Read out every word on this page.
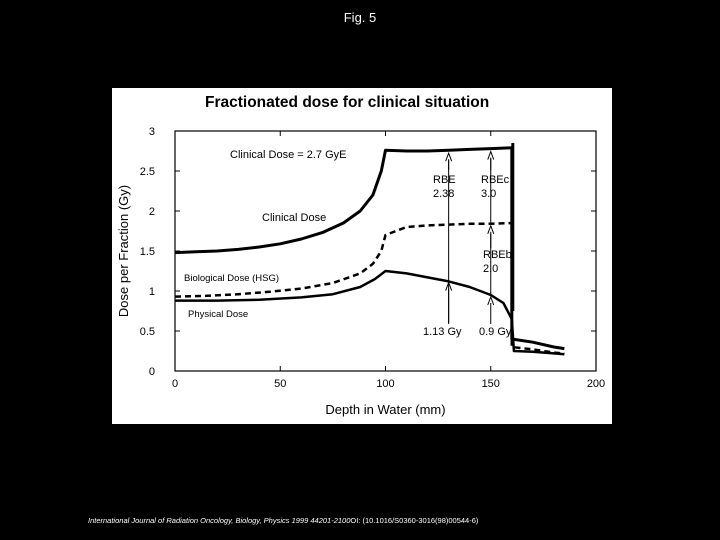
Fig. 5
Fractionated dose for clinical situation
0	50	100	150	200
0
0.5
1
1.5
2
2.5
3
Depth in Water (mm)
Dose per Fraction (Gy)
Clinical Dose = 2.7 GyE
Clinical Dose
Biological Dose (HSG)
Physical Dose
RBE
2.38
RBEc
3.0
RBEb
2.0
1.13 Gy 0.9 Gy
International Journal of Radiation Oncology, Biology, Physics 1999 44201-2100OI: (10.1016/S0360-3016(98)00544-6)
